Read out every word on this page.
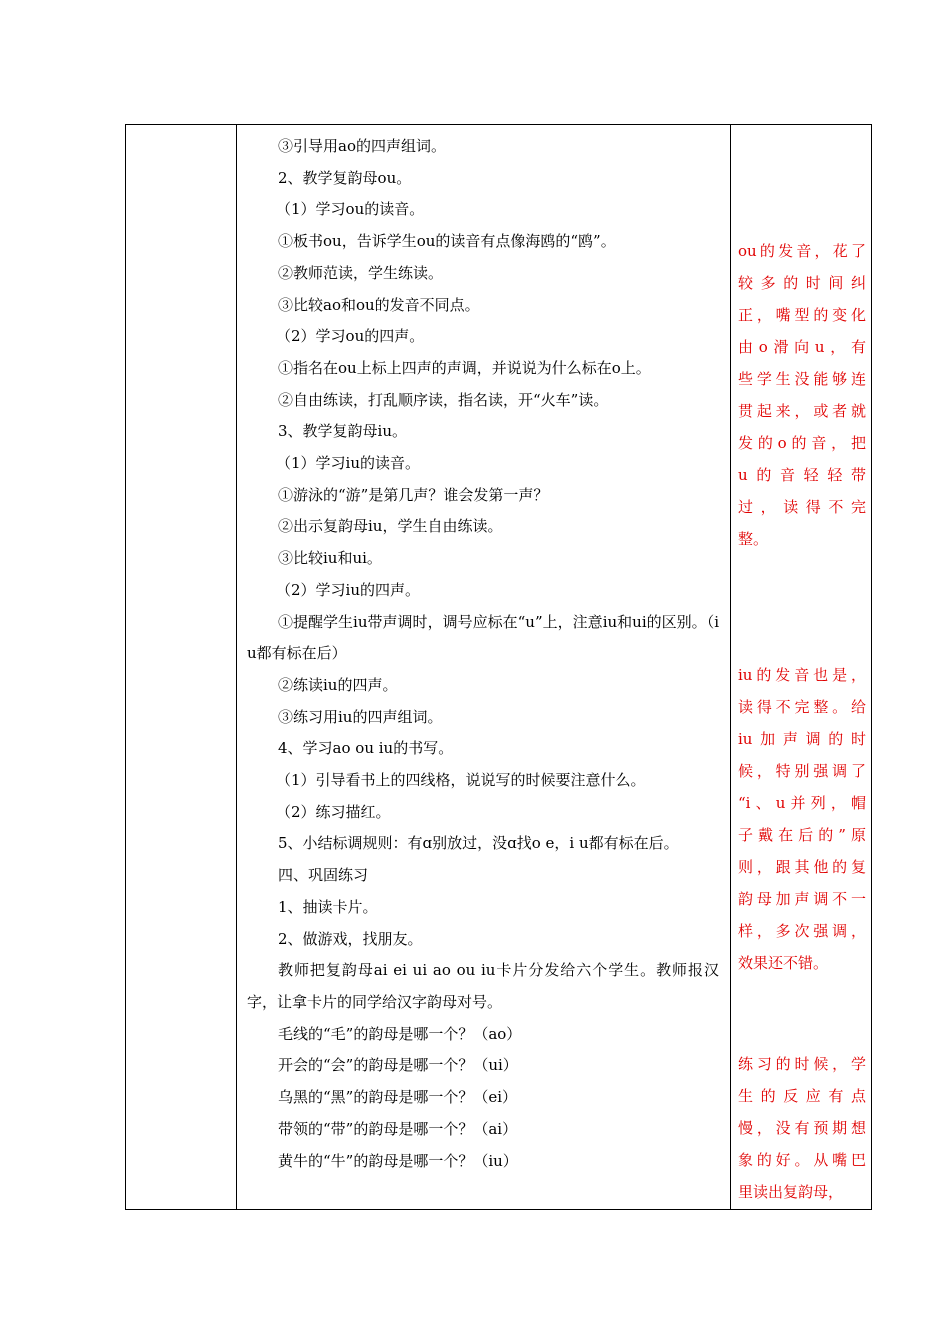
③引导用ao的四声组词。
2、教学复韵母ou。
（1）学习ou的读音。
①板书ou，告诉学生ou的读音有点像海鸥的“鸥”。
②教师范读，学生练读。
③比较ao和ou的发音不同点。
（2）学习ou的四声。
①指名在ou上标上四声的声调，并说说为什么标在o上。
②自由练读，打乱顺序读，指名读，开“火车”读。
3、教学复韵母iu。
（1）学习iu的读音。
①游泳的“游”是第几声？谁会发第一声？
②出示复韵母iu，学生自由练读。
③比较iu和ui。
（2）学习iu的四声。
①提醒学生iu带声调时，调号应标在“u”上，注意iu和ui的区别。（i u都有标在后）
②练读iu的四声。
③练习用iu的四声组词。
4、学习ao ou iu的书写。
（1）引导看书上的四线格，说说写的时候要注意什么。
（2）练习描红。
5、小结标调规则：有ɑ别放过，没ɑ找o e，i u都有标在后。
四、巩固练习
1、抽读卡片。
2、做游戏，找朋友。
教师把复韵母ai ei ui ao ou iu卡片分发给六个学生。教师报汉字，让拿卡片的同学给汉字韵母对号。
毛线的“毛”的韵母是哪一个？（ao）
开会的“会”的韵母是哪一个？（ui）
乌黑的“黑”的韵母是哪一个？（ei）
带领的“带”的韵母是哪一个？（ai）
黄牛的“牛”的韵母是哪一个？（iu）
ou的发音，花了
较多的时间纠
正，嘴型的变化
由o滑向u，有
些学生没能够连
贯起来，或者就
发的o的音，把
u的音轻轻带
过，读得不完
整。
iu的发音也是，
读得不完整。给
iu加声调的时
候，特别强调了
“i、u并列，帽
子戴在后的”原
则，跟其他的复
韵母加声调不一
样，多次强调，
效果还不错。
练习的时候，学
生的反应有点
慢，没有预期想
象的好。从嘴巴
里读出复韵母，
